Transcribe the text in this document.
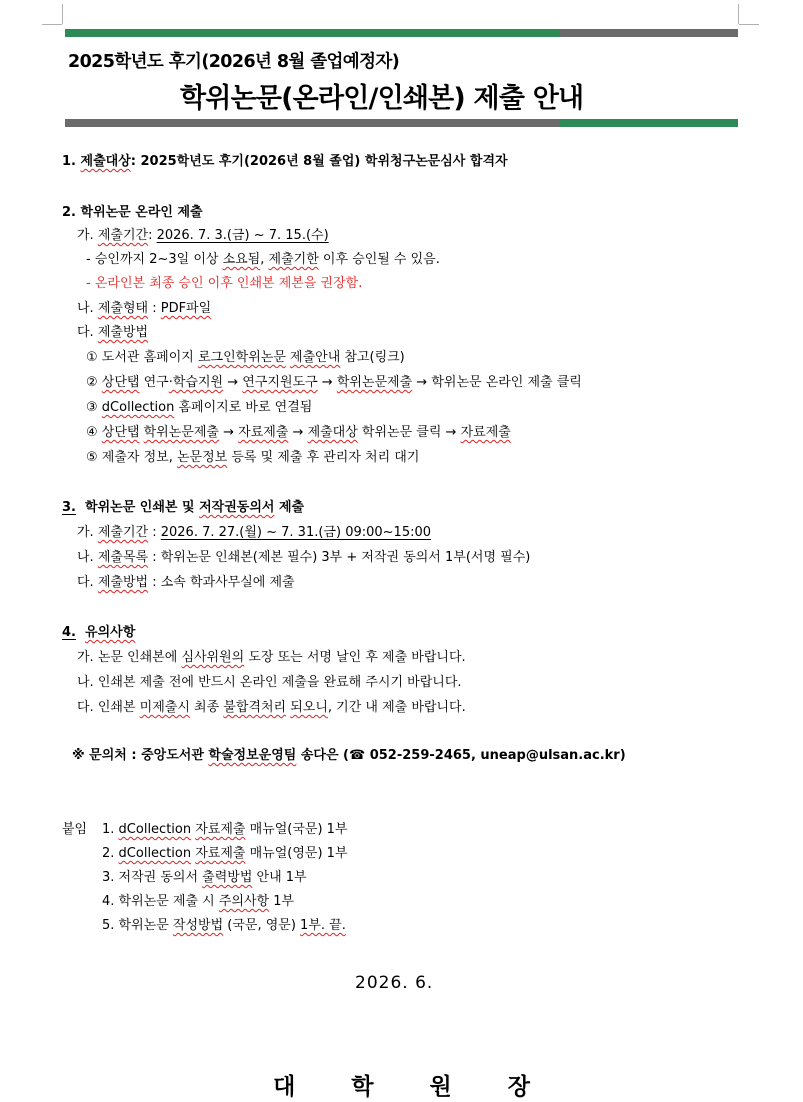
2025학년도 후기(2026년 8월 졸업예정자)
학위논문(온라인/인쇄본) 제출 안내
1. 제출대상: 2025학년도 후기(2026년 8월 졸업) 학위청구논문심사 합격자
2. 학위논문 온라인 제출
가. 제출기간: 2026. 7. 3.(금) ~ 7. 15.(수)
- 승인까지 2~3일 이상 소요됨, 제출기한 이후 승인될 수 있음.
- 온라인본 최종 승인 이후 인쇄본 제본을 권장함.
나. 제출형태 : PDF파일
다. 제출방법
① 도서관 홈페이지 로그인학위논문 제출안내 참고(링크)
② 상단탭 연구·학습지원 → 연구지원도구 → 학위논문제출 → 학위논문 온라인 제출 클릭
③ dCollection 홈페이지로 바로 연결됨
④ 상단탭 학위논문제출 → 자료제출 → 제출대상 학위논문 클릭 → 자료제출
⑤ 제출자 정보, 논문정보 등록 및 제출 후 관리자 처리 대기
3. 학위논문 인쇄본 및 저작권동의서 제출
가. 제출기간 : 2026. 7. 27.(월) ~ 7. 31.(금) 09:00~15:00
나. 제출목록 : 학위논문 인쇄본(제본 필수) 3부 + 저작권 동의서 1부(서명 필수)
다. 제출방법 : 소속 학과사무실에 제출
4. 유의사항
가. 논문 인쇄본에 심사위원의 도장 또는 서명 날인 후 제출 바랍니다.
나. 인쇄본 제출 전에 반드시 온라인 제출을 완료해 주시기 바랍니다.
다. 인쇄본 미제출시 최종 불합격처리 되오니, 기간 내 제출 바랍니다.
※ 문의처 : 중앙도서관 학술정보운영팀 송다은 (☎ 052-259-2465, uneap@ulsan.ac.kr)
붙임 1. dCollection 자료제출 매뉴얼(국문) 1부
2. dCollection 자료제출 매뉴얼(영문) 1부
3. 저작권 동의서 출력방법 안내 1부
4. 학위논문 제출 시 주의사항 1부
5. 학위논문 작성방법 (국문, 영문) 1부. 끝.
2026. 6.
대 학 원 장
